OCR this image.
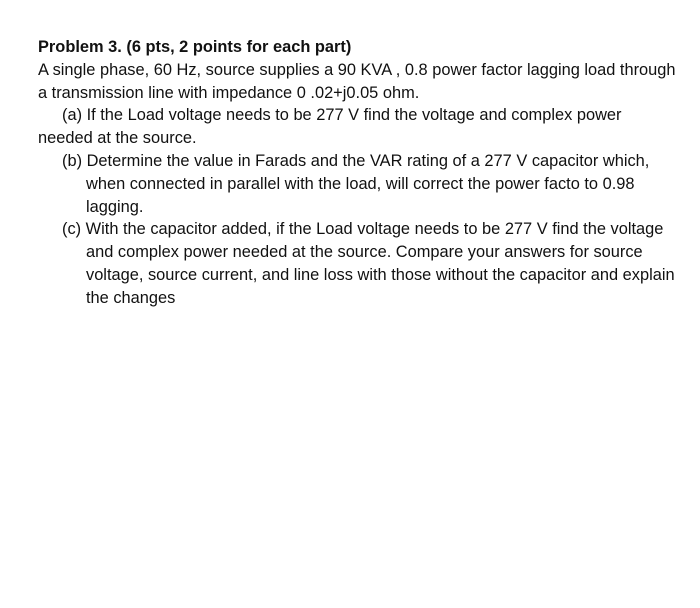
Problem 3. (6 pts, 2 points for each part)

A single phase, 60 Hz, source supplies a 90 KVA , 0.8 power factor lagging load through a transmission line with impedance 0 .02+j0.05 ohm.

(a) If the Load voltage needs to be 277 V find the voltage and complex power needed at the source.

(b) Determine the value in Farads and the VAR rating of a 277 V capacitor which, when connected in parallel with the load, will correct the power facto to 0.98 lagging.

(c) With the capacitor added, if the Load voltage needs to be 277 V find the voltage and complex power needed at the source. Compare your answers for source voltage, source current, and line loss with those without the capacitor and explain the changes
